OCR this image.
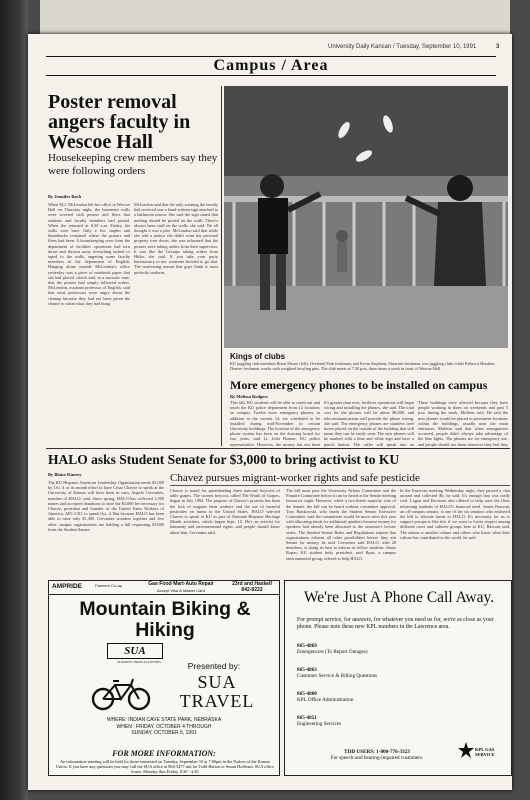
University Daily Kansan / Tuesday, September 10, 1991	3
Campus / Area
Poster removal angers faculty in Wescoe Hall
Housekeeping crew members say they were following orders
By Jennifer Bach
When M.J. McLendon left her office in Wescoe Hall on Thursday night, the basement walls were covered with posters and fliers that students and faculty members had posted. When she returned at 8:30 a.m. Friday, the walls were bare. Only a few staples and thumbtacks remained where the posters and fliers had been. A housekeeping crew from the department of facilities operations had torn down and thrown away everything tacked or taped to the walls, angering some faculty members in the department of English. Hanging alone outside McLendon's office yesterday was a piece of notebook paper that she had placed, which said, in a sarcastic tone, that the posters had simply followed orders. McLendon, assistant professor of English, said that most professors were angry about the cleanup because they had not been given the chance to claim what they had hung.
McLendon said that the only warning the faculty had received was a hand-written sign attached to a bathroom mirror. She said the sign stated that nothing should be posted on the walls. There's always been stuff on the walls, she said. We all thought it was a joke. McLendon said that while she told a janitor she didn't want her personal property torn down, she was informed that the posters were taking orders from their supervisor. It was like the Gestapo taking orders from Hitler, she said. If you take your party bureaucracy to me, someone decided to go that. The motivating reason that guys think is most perfectly uniform.
Kings of clubs
KU juggling club members Brian Moore (left), Overland Park freshman, and Kevin Stephens, Shawnee freshman, toss juggling clubs while Rebecca Honaker, Denver freshman, works with weighted bowling pins. The club meets at 7:30 p.m. three times a week in front of Wescoe Hall.
More emergency phones to be installed on campus
By Melissa Rodgers
This fall, KU students will be able to reach out and touch the KU police department from 12 locations on campus. Twelve more emergency phones, in addition to the current 14, are scheduled to be installed during mid-November in certain University buildings. The location of the emergency phone system has been on the drawing board for two years, said Lt. John Bonner, KU police representative. However, the money has not been
It's greater than ever, facilities operations will begin wiring and installing the phones, she said. The total cost for the phones will be about $8,000, and telecommunications will provide the phone wiring, she said. The emergency phones are stainless steel boxes placed on the outside of the building that will mean they can be easily seen. The new phones will be marked with a blue and white sign and have a punch button. The caller will speak into an
These buildings were selected because they have people working in them on weekends and past 5 p.m. during the week, Mullens said. He said the new phones would be placed in prominent locations within the buildings, usually near the main entrances. Mullens said that when emergencies occurred, people didn't always take advantage of the blue lights. The phones are for emergency use, and people should use them wherever they feel they
HALO asks Student Senate for $3,000 to bring activist to KU
Chavez pursues migrant-worker rights and safe pesticide
By Blaise Kimrey
The KU Hispanic American Leadership Organization needs $3,000 by Oct. 4 or its month effort to have Cesar Chavez to speak at the University of Kansas will have been in vain, Angelo Cervantes, member of HALO, said. Since spring, HALO has collected 1,500 names and accepted donations to raise the $3,000 fee necessary for Chavez, president and founder of the United Farm Workers of America, AFL-CIO, to speak Oct. 4. But because HALO has been able to raise only $1,300, Cervantes wonders together and five other campus organizations are holding a hill requesting $3,000 from the Student Senate.
Chavez is noted for spearheading three national boycotts of table grapes. The current boycott, called The Wrath of Grapes, began in July 1984. The purpose of Chavez's protests has been the lack of migrant farm workers and the use of harmful pesticides on farms in the United States. HALO selected Chavez to speak at KU as part of National Hispanic Heritage Month activities, which began Sept. 15. He's an activist for humanity and environmental rights, and people should know about him, Cervantes said.
The bill must pass the University Affairs Committee and the Finance Committee before it can be heard at the Senate meeting tomorrow night. However, while a two-thirds majority vote of the Senate, the bill can be heard without committee approval. Troy Bankowski, who heads the Student Senate Executive Committee, said the committees would be more strict this year with allocating funds for additional speakers because money for speakers had already been allocated to the semester's lecture series. The Student Senate Rules and Regulations require that organizations exhaust all other possibilities before they ask Senate for money, he said. Cervantes said HALO, with 20 members, is doing its best to inform its fellow students. Jamie Ropas, KU student body president, said Ryan, a campus environmental group, offered to help HALO.
In the Environs meeting Wednesday night, they passed a chat around and collected $6, he said. It's enough that was really cool. Logan and Environs also offered to help raise the fliers informing students of HALO's financial need. James Bascom, an off-campus senator, is one of the six senators who endorsed the bill to allocate funds to HALO. It's necessary for us to support prospects like this if we want to foster respect among different races and cultures groups here at KU, Bascom said. The reason is another culture and others who know what their culture has contributed to the world, he said.
AMPRIDE	Farmers Co-op	Gas·Food·Mart·Auto Repair
Accept Visa & Master Card
23rd and Haskell
842-8222
Mountain Biking & Hiking
SUA
STUDENT UNION ACTIVITIES	Presented by:
SUA
TRAVEL
WHERE: INDIAN CAVE STATE PARK, NEBRASKA
WHEN : FRIDAY, OCTOBER 4 THROUGH
SUNDAY, OCTOBER 6, 1991
FOR MORE INFORMATION:
An information meeting will be held for those interested on Tuesday, September 10 at 7:00pm in the Parlors of the Kansas Union. If you have any questions you may call the SUA office at 864-3477 ask for Todd Hatton or Susan Hoffman. SUA office hours: Monday thru Friday, 8:30 - 4:30
We're Just A Phone Call Away.
For prompt service, for answers, for whatever you need us for, we're as close as your phone. Please note these new KPL numbers in the Lawrence area.
865-4869
Emergencies (To Report Outages)
865-4863
Customer Service & Billing Questions
865-4800
KPL Office Administration
865-4851
Engineering Services
TDD USERS: 1-800-776-3323
For speech-and hearing-impaired customers.
KPL GAS SERVICE
